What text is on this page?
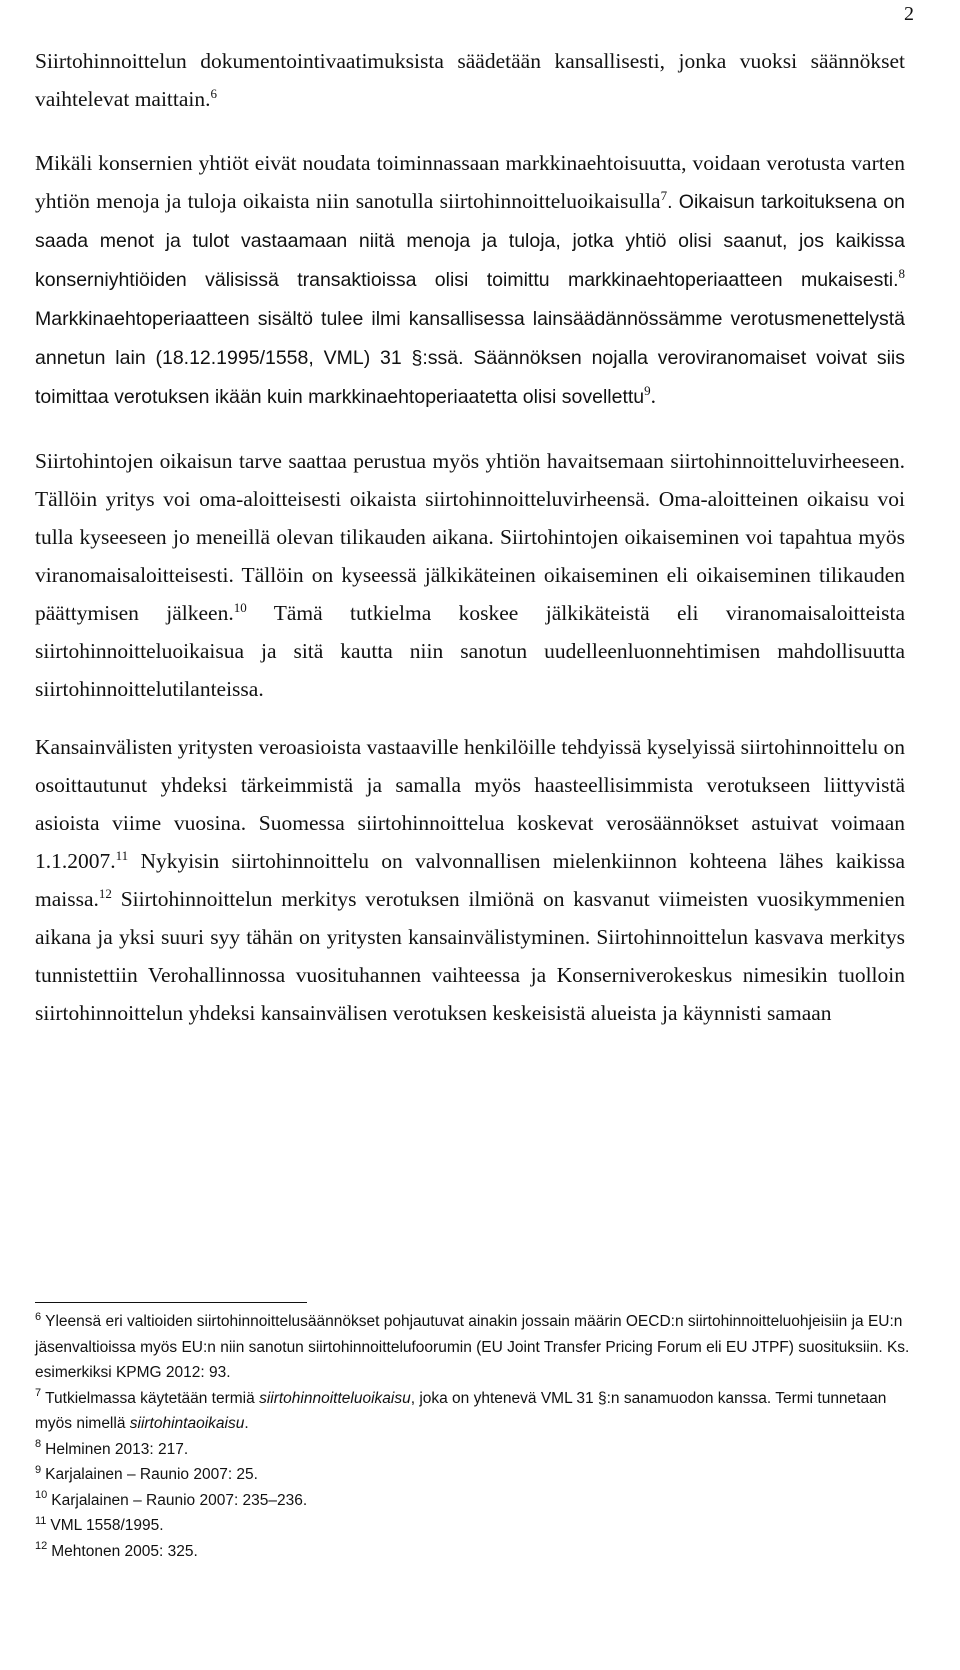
2

Siirtohinnoittelun dokumentointivaatimuksista säädetään kansallisesti, jonka vuoksi säännökset vaihtelevat maittain.$^6$

Mikäli konsernien yhtiöt eivät noudata toiminnassaan markkinaehtoisuutta, voidaan verotusta varten yhtiön menoja ja tuloja oikaista niin sanotulla siirtohinnoitteluoikaisulla$^7$. Oikaisun tarkoituksena on saada menot ja tulot vastaamaan niitä menoja ja tuloja, jotka yhtiö olisi saanut, jos kaikissa konserniyhtiöiden välisissä transaktioissa olisi toimittu markkinaehtoperiaatteen mukaisesti.$^8$ Markkinaehtoperiaatteen sisältö tulee ilmi kansallisessa lainsäädännössämme verotusmenettelystä annetun lain (18.12.1995/1558, VML) 31 §:ssä. Säännöksen nojalla veroviranomaiset voivat siis toimittaa verotuksen ikään kuin markkinaehtoperiaatetta olisi sovellettu$^9$.

Siirtohintojen oikaisun tarve saattaa perustua myös yhtiön havaitsemaan siirtohinnoitteluvirheeseen. Tällöin yritys voi oma-aloitteisesti oikaista siirtohinnoitteluvirheensä. Oma-aloitteinen oikaisu voi tulla kyseeseen jo meneillä olevan tilikauden aikana. Siirtohintojen oikaiseminen voi tapahtua myös viranomaisaloitteisesti. Tällöin on kyseessä jälkikäteinen oikaiseminen eli oikaiseminen tilikauden päättymisen jälkeen.$^{10}$ Tämä tutkielma koskee jälkikäteistä eli viranomaisaloitteista siirtohinnoitteluoikaisua ja sitä kautta niin sanotun uudelleenluonnehtimisen mahdollisuutta siirtohinnoittelutilanteissa.

Kansainvälisten yritysten veroasioista vastaaville henkilöille tehdyissä kyselyissä siirtohinnoittelu on osoittautunut yhdeksi tärkeimmistä ja samalla myös haasteellisimmista verotukseen liittyvistä asioista viime vuosina. Suomessa siirtohinnoittelua koskevat verosäännökset astuivat voimaan 1.1.2007.11 Nykyisin siirtohinnoittelu on valvonnallisen mielenkiinnon kohteena lähes kaikissa maissa.$^{12}$ Siirtohinnoittelun merkitys verotuksen ilmiönä on kasvanut viimeisten vuosikymmenien aikana ja yksi suuri syy tähän on yritysten kansainvälistyminen. Siirtohinnoittelun kasvava merkitys tunnistettiin Verohallinnossa vuosituhannen vaihteessa ja Konserniverokeskus nimesikin tuolloin siirtohinnoittelun yhdeksi kansainvälisen verotuksen keskeisistä alueista ja käynnisti samaan

$^6$ Yleensä eri valtioiden siirtohinnoittelusäännökset pohjautuvat ainakin jossain määrin OECD:n siirtohinnoitteluohjeisiin ja EU:n jäsenvaltioissa myös EU:n niin sanotun siirtohinnoittelufoorumin (EU Joint Transfer Pricing Forum eli EU JTPF) suosituksiin. Ks. esimerkiksi KPMG 2012: 93.

$^7$ Tutkielmassa käytetään termiä siirtohinnoitteluoikaisu, joka on yhtenevä VML 31 §:n sanamuodon kanssa. Termi tunnetaan myös nimellä siirtohintaoikaisu.

$^8$ Helminen 2013: 217.

$^9$ Karjalainen – Raunio 2007: 25.

$^{10}$ Karjalainen – Raunio 2007: 235–236.

$^{11}$ VML 1558/1995.

$^{12}$ Mehtonen 2005: 325.
